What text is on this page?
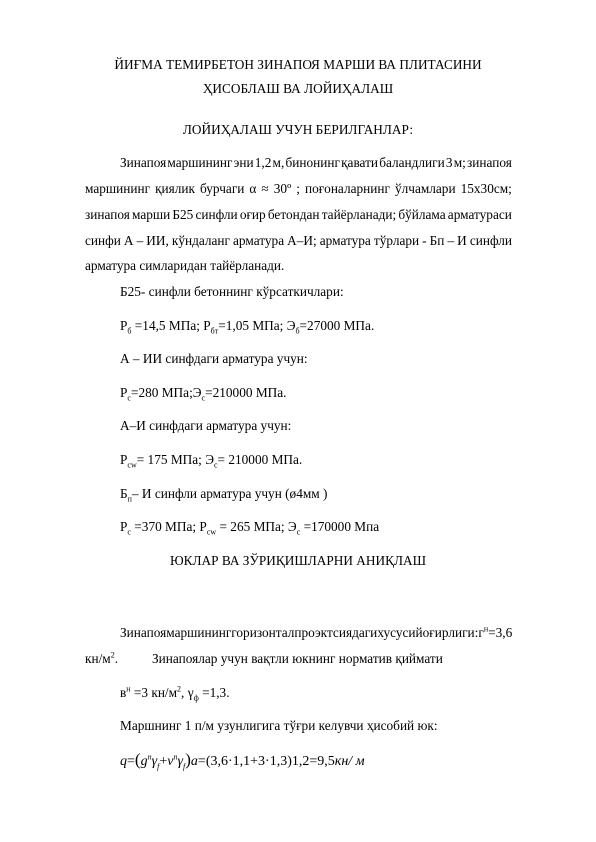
ЙИҒМА ТЕМИРБЕТОН ЗИНАПОЯ МАРШИ ВА ПЛИТАСИНИ
ҲИСОБЛАШ ВА ЛОЙИҲАЛАШ
ЛОЙИҲАЛАШ УЧУН БЕРИЛГАНЛАР:
Зинапоя маршининг эни 1,2 м, бинонинг қавати баландлиги 3 м; зинапоя
маршининг қиялик бурчаги α ≈ 30º ; поғоналарнинг ўлчамлари 15x30см;
зинапоя марши Б25 синфли оғир бетондан тайёрланади; бўйлама арматураси
синфи А – ИИ, кўндаланг арматура А–И; арматура тўрлари - Бп – И синфли
арматура симларидан тайёрланади.
Б25- синфли бетоннинг кўрсаткичлари:
$Р_б =14,5$ МПа; $Р_{бт}=1,05$ МПа; $Э_б=27000$ МПа.
А – ИИ синфдаги арматура учун:
$Р_с=280$ $МПа;Э_с=210000$ МПа.
А–И синфдаги арматура учун:
$Р_{сw}= 175$ МПа; $Э_с= 210000$ МПа.
$Б_п-$ И синфли арматура учун (ø4мм )
$Р_с =370$ МПа; $Р_{сw} = 265$ МПа; $Э_с =170000$ Мпа
ЮКЛАР ВА ЗЎРИҚИШЛАРНИ АНИҚЛАШ
Зинапоя маршининг горизонтал проэктсиядаги хусусий оғирлиги: $г^н =3,6$
$кн/м^2$.	Зинапоялар учун вақтли юкнинг норматив қиймати
$в^н =3$ $кн/м^2$, $\gamma_ф =1,3$.
Маршнинг 1 п/м узунлигига тўғри келувчи ҳисобий юк:
$q=(g^n\gamma_f+\nu^n\gamma_f)a=(3,6\cdot 1,1+3\cdot 1,3)1,2=9,5кн/$ м
